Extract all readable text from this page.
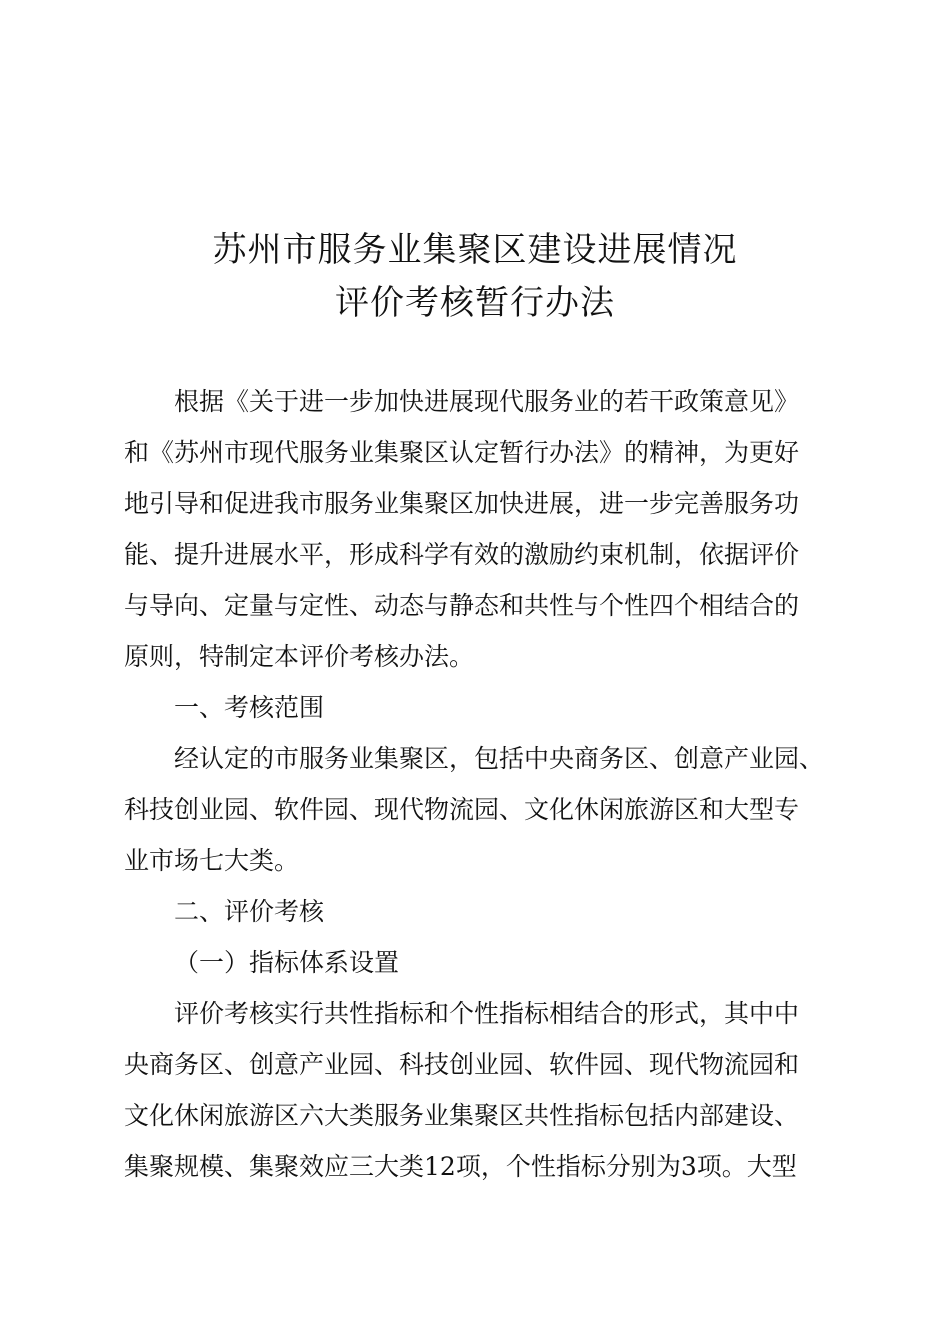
苏州市服务业集聚区建设进展情况
评价考核暂行办法
根据《关于进一步加快进展现代服务业的若干政策意见》
和《苏州市现代服务业集聚区认定暂行办法》的精神，为更好
地引导和促进我市服务业集聚区加快进展，进一步完善服务功
能、提升进展水平，形成科学有效的激励约束机制，依据评价
与导向、定量与定性、动态与静态和共性与个性四个相结合的
原则，特制定本评价考核办法。
一、考核范围
经认定的市服务业集聚区，包括中央商务区、创意产业园、
科技创业园、软件园、现代物流园、文化休闲旅游区和大型专
业市场七大类。
二、评价考核
（一）指标体系设置
评价考核实行共性指标和个性指标相结合的形式，其中中
央商务区、创意产业园、科技创业园、软件园、现代物流园和
文化休闲旅游区六大类服务业集聚区共性指标包括内部建设、
集聚规模、集聚效应三大类12项，个性指标分别为3项。大型
